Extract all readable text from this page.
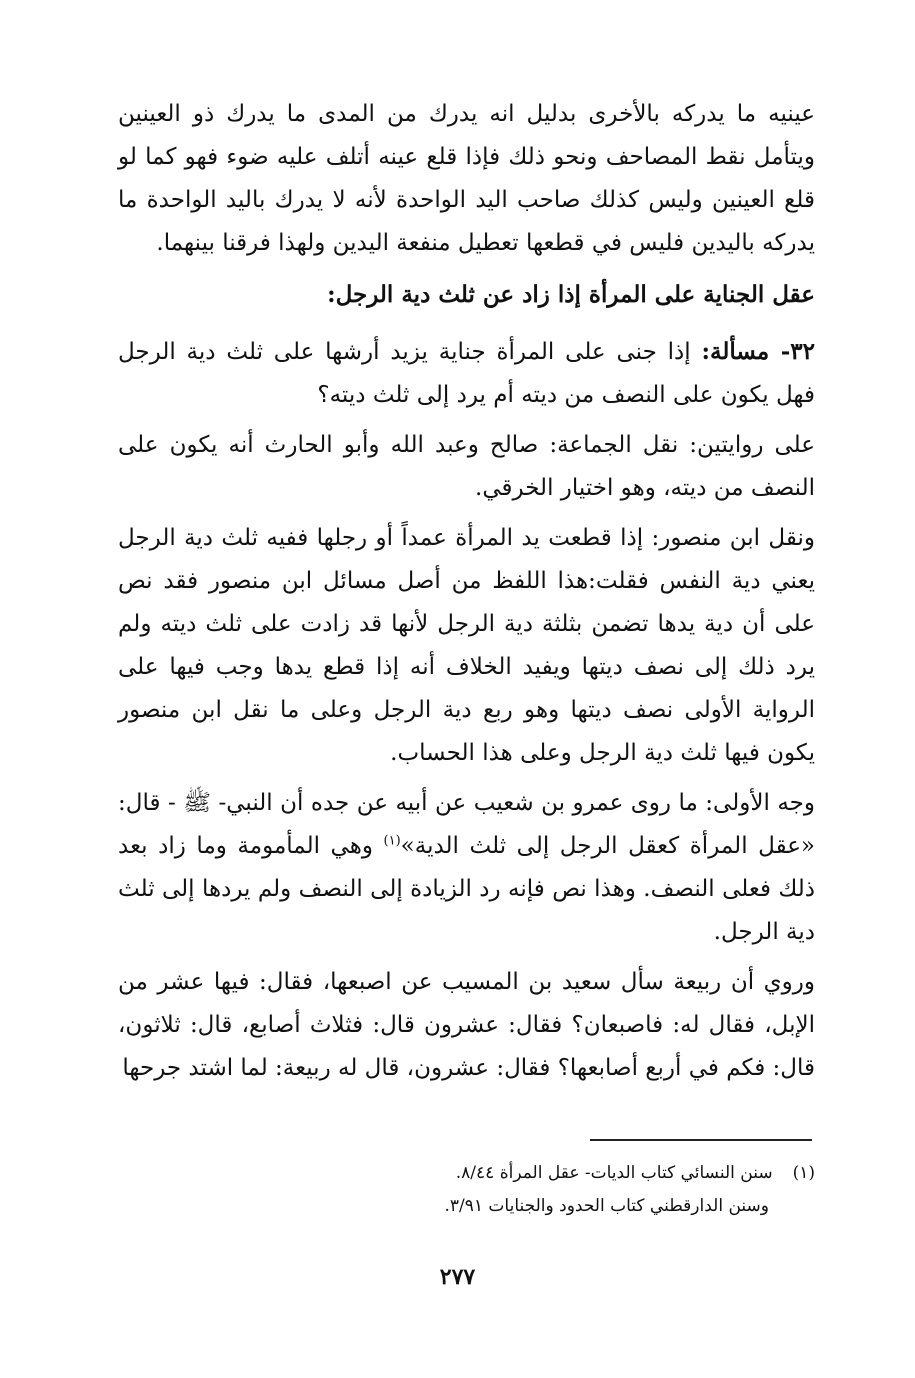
عينيه ما يدركه بالأخرى بدليل انه يدرك من المدى ما يدرك ذو العينين ويتأمل نقط المصاحف ونحو ذلك فإذا قلع عينه أتلف عليه ضوء فهو كما لو قلع العينين وليس كذلك صاحب اليد الواحدة لأنه لا يدرك باليد الواحدة ما يدركه باليدين فليس في قطعها تعطيل منفعة اليدين ولهذا فرقنا بينهما.

عقل الجناية على المرأة إذا زاد عن ثلث دية الرجل:

٣٢- مسألة: إذا جنى على المرأة جناية يزيد أرشها على ثلث دية الرجل فهل يكون على النصف من ديته أم يرد إلى ثلث ديته؟

على روايتين: نقل الجماعة: صالح وعبد الله وأبو الحارث أنه يكون على النصف من ديته، وهو اختيار الخرقي.

ونقل ابن منصور: إذا قطعت يد المرأة عمداً أو رجلها ففيه ثلث دية الرجل يعني دية النفس فقلت:هذا اللفظ من أصل مسائل ابن منصور فقد نص على أن دية يدها تضمن بثلثة دية الرجل لأنها قد زادت على ثلث ديته ولم يرد ذلك إلى نصف ديتها ويفيد الخلاف أنه إذا قطع يدها وجب فيها على الرواية الأولى نصف ديتها وهو ربع دية الرجل وعلى ما نقل ابن منصور يكون فيها ثلث دية الرجل وعلى هذا الحساب.

وجه الأولى: ما روى عمرو بن شعيب عن أبيه عن جده أن النبي- ﷺ - قال: «عقل المرأة كعقل الرجل إلى ثلث الدية»$^{(١)}$ وهي المأمومة وما زاد بعد ذلك فعلى النصف. وهذا نص فإنه رد الزيادة إلى النصف ولم يردها إلى ثلث دية الرجل.

وروي أن ربيعة سأل سعيد بن المسيب عن اصبعها، فقال: فيها عشر من الإبل، فقال له: فاصبعان؟ فقال: عشرون قال: فثلاث أصابع، قال: ثلاثون، قال: فكم في أربع أصابعها؟ فقال: عشرون، قال له ربيعة: لما اشتد جرحها

(١)سنن النسائي كتاب الديات- عقل المرأة ٨/٤٤.

وسنن الدارقطني كتاب الحدود والجنايات ٣/٩١.

٢٧٧
